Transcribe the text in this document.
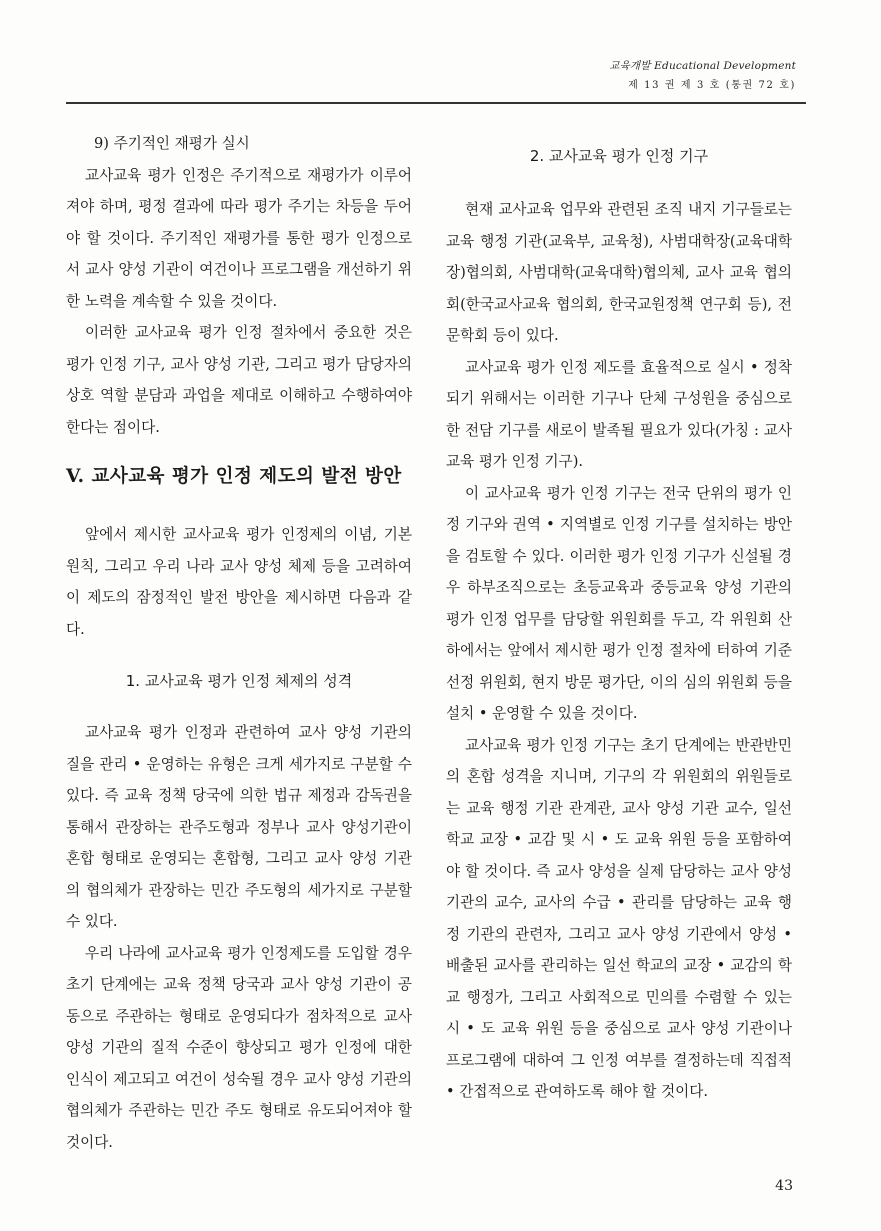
교육개발 Educational Development
제 13 권 제 3 호 (통권 72 호)

9) 주기적인 재평가 실시

교사교육 평가 인정은 주기적으로 재평가가 이루어져야 하며, 평정 결과에 따라 평가 주기는 차등을 두어야 할 것이다. 주기적인 재평가를 통한 평가 인정으로서 교사 양성 기관이 여건이나 프로그램을 개선하기 위한 노력을 계속할 수 있을 것이다.

이러한 교사교육 평가 인정 절차에서 중요한 것은 평가 인정 기구, 교사 양성 기관, 그리고 평가 담당자의 상호 역할 분담과 과업을 제대로 이해하고 수행하여야 한다는 점이다.

V. 교사교육 평가 인정 제도의 발전 방안

앞에서 제시한 교사교육 평가 인정제의 이념, 기본 원칙, 그리고 우리 나라 교사 양성 체제 등을 고려하여 이 제도의 잠정적인 발전 방안을 제시하면 다음과 같다.

1. 교사교육 평가 인정 체제의 성격

교사교육 평가 인정과 관련하여 교사 양성 기관의 질을 관리 • 운영하는 유형은 크게 세가지로 구분할 수 있다. 즉 교육 정책 당국에 의한 법규 제정과 감독권을 통해서 관장하는 관주도형과 정부나 교사 양성기관이 혼합 형태로 운영되는 혼합형, 그리고 교사 양성 기관의 협의체가 관장하는 민간 주도형의 세가지로 구분할 수 있다.

우리 나라에 교사교육 평가 인정제도를 도입할 경우 초기 단계에는 교육 정책 당국과 교사 양성 기관이 공동으로 주관하는 형태로 운영되다가 점차적으로 교사 양성 기관의 질적 수준이 향상되고 평가 인정에 대한 인식이 제고되고 여건이 성숙될 경우 교사 양성 기관의 협의체가 주관하는 민간 주도 형태로 유도되어져야 할 것이다.

2. 교사교육 평가 인정 기구

현재 교사교육 업무와 관련된 조직 내지 기구들로는 교육 행정 기관(교육부, 교육청), 사범대학장(교육대학장)협의회, 사범대학(교육대학)협의체, 교사 교육 협의회(한국교사교육 협의회, 한국교원정책 연구회 등), 전문학회 등이 있다.

교사교육 평가 인정 제도를 효율적으로 실시 • 정착되기 위해서는 이러한 기구나 단체 구성원을 중심으로 한 전담 기구를 새로이 발족될 필요가 있다(가칭 : 교사교육 평가 인정 기구).

이 교사교육 평가 인정 기구는 전국 단위의 평가 인정 기구와 권역 • 지역별로 인정 기구를 설치하는 방안을 검토할 수 있다. 이러한 평가 인정 기구가 신설될 경우 하부조직으로는 초등교육과 중등교육 양성 기관의 평가 인정 업무를 담당할 위원회를 두고, 각 위원회 산하에서는 앞에서 제시한 평가 인정 절차에 터하여 기준 선정 위원회, 현지 방문 평가단, 이의 심의 위원회 등을 설치 • 운영할 수 있을 것이다.

교사교육 평가 인정 기구는 초기 단계에는 반관반민의 혼합 성격을 지니며, 기구의 각 위원회의 위원들로는 교육 행정 기관 관계관, 교사 양성 기관 교수, 일선학교 교장 • 교감 및 시 • 도 교육 위원 등을 포함하여야 할 것이다. 즉 교사 양성을 실제 담당하는 교사 양성 기관의 교수, 교사의 수급 • 관리를 담당하는 교육 행정 기관의 관련자, 그리고 교사 양성 기관에서 양성 • 배출된 교사를 관리하는 일선 학교의 교장 • 교감의 학교 행정가, 그리고 사회적으로 민의를 수렴할 수 있는 시 • 도 교육 위원 등을 중심으로 교사 양성 기관이나 프로그램에 대하여 그 인정 여부를 결정하는데 직접적 • 간접적으로 관여하도록 해야 할 것이다.

43
